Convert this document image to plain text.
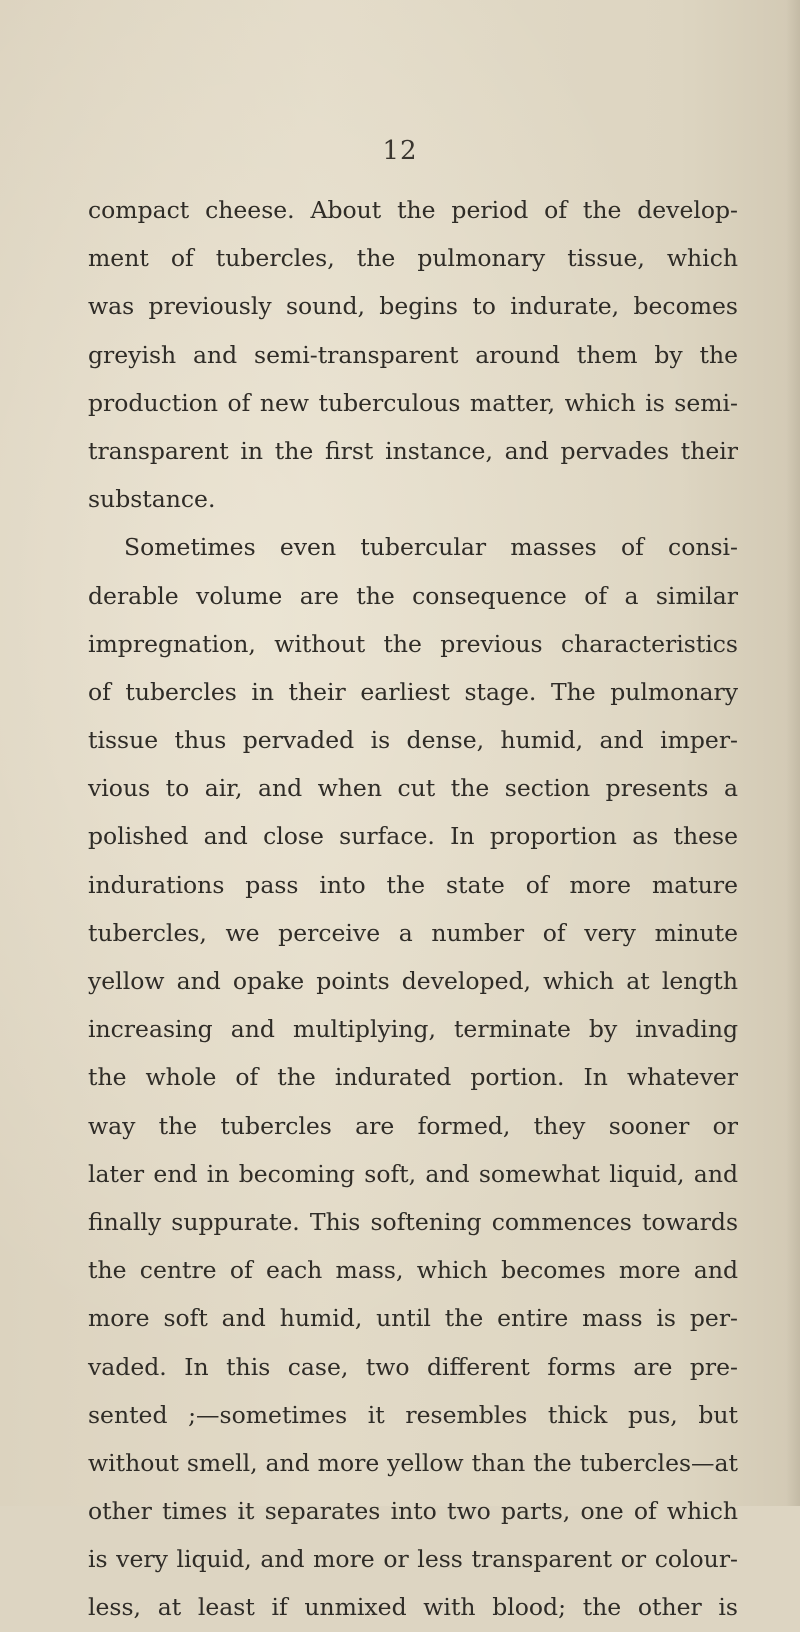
12
compact cheese. About the period of the develop-
ment of tubercles, the pulmonary tissue, which
was previously sound, begins to indurate, becomes
greyish and semi-transparent around them by the
production of new tuberculous matter, which is semi-
transparent in the first instance, and pervades their
substance.
Sometimes even tubercular masses of consi-
derable volume are the consequence of a similar
impregnation, without the previous characteristics
of tubercles in their earliest stage. The pulmonary
tissue thus pervaded is dense, humid, and imper-
vious to air, and when cut the section presents a
polished and close surface. In proportion as these
indurations pass into the state of more mature
tubercles, we perceive a number of very minute
yellow and opake points developed, which at length
increasing and multiplying, terminate by invading
the whole of the indurated portion. In whatever
way the tubercles are formed, they sooner or
later end in becoming soft, and somewhat liquid, and
finally suppurate. This softening commences towards
the centre of each mass, which becomes more and
more soft and humid, until the entire mass is per-
vaded. In this case, two different forms are pre-
sented ;—sometimes it resembles thick pus, but
without smell, and more yellow than the tubercles—at
other times it separates into two parts, one of which
is very liquid, and more or less transparent or colour-
less, at least if unmixed with blood; the other is
